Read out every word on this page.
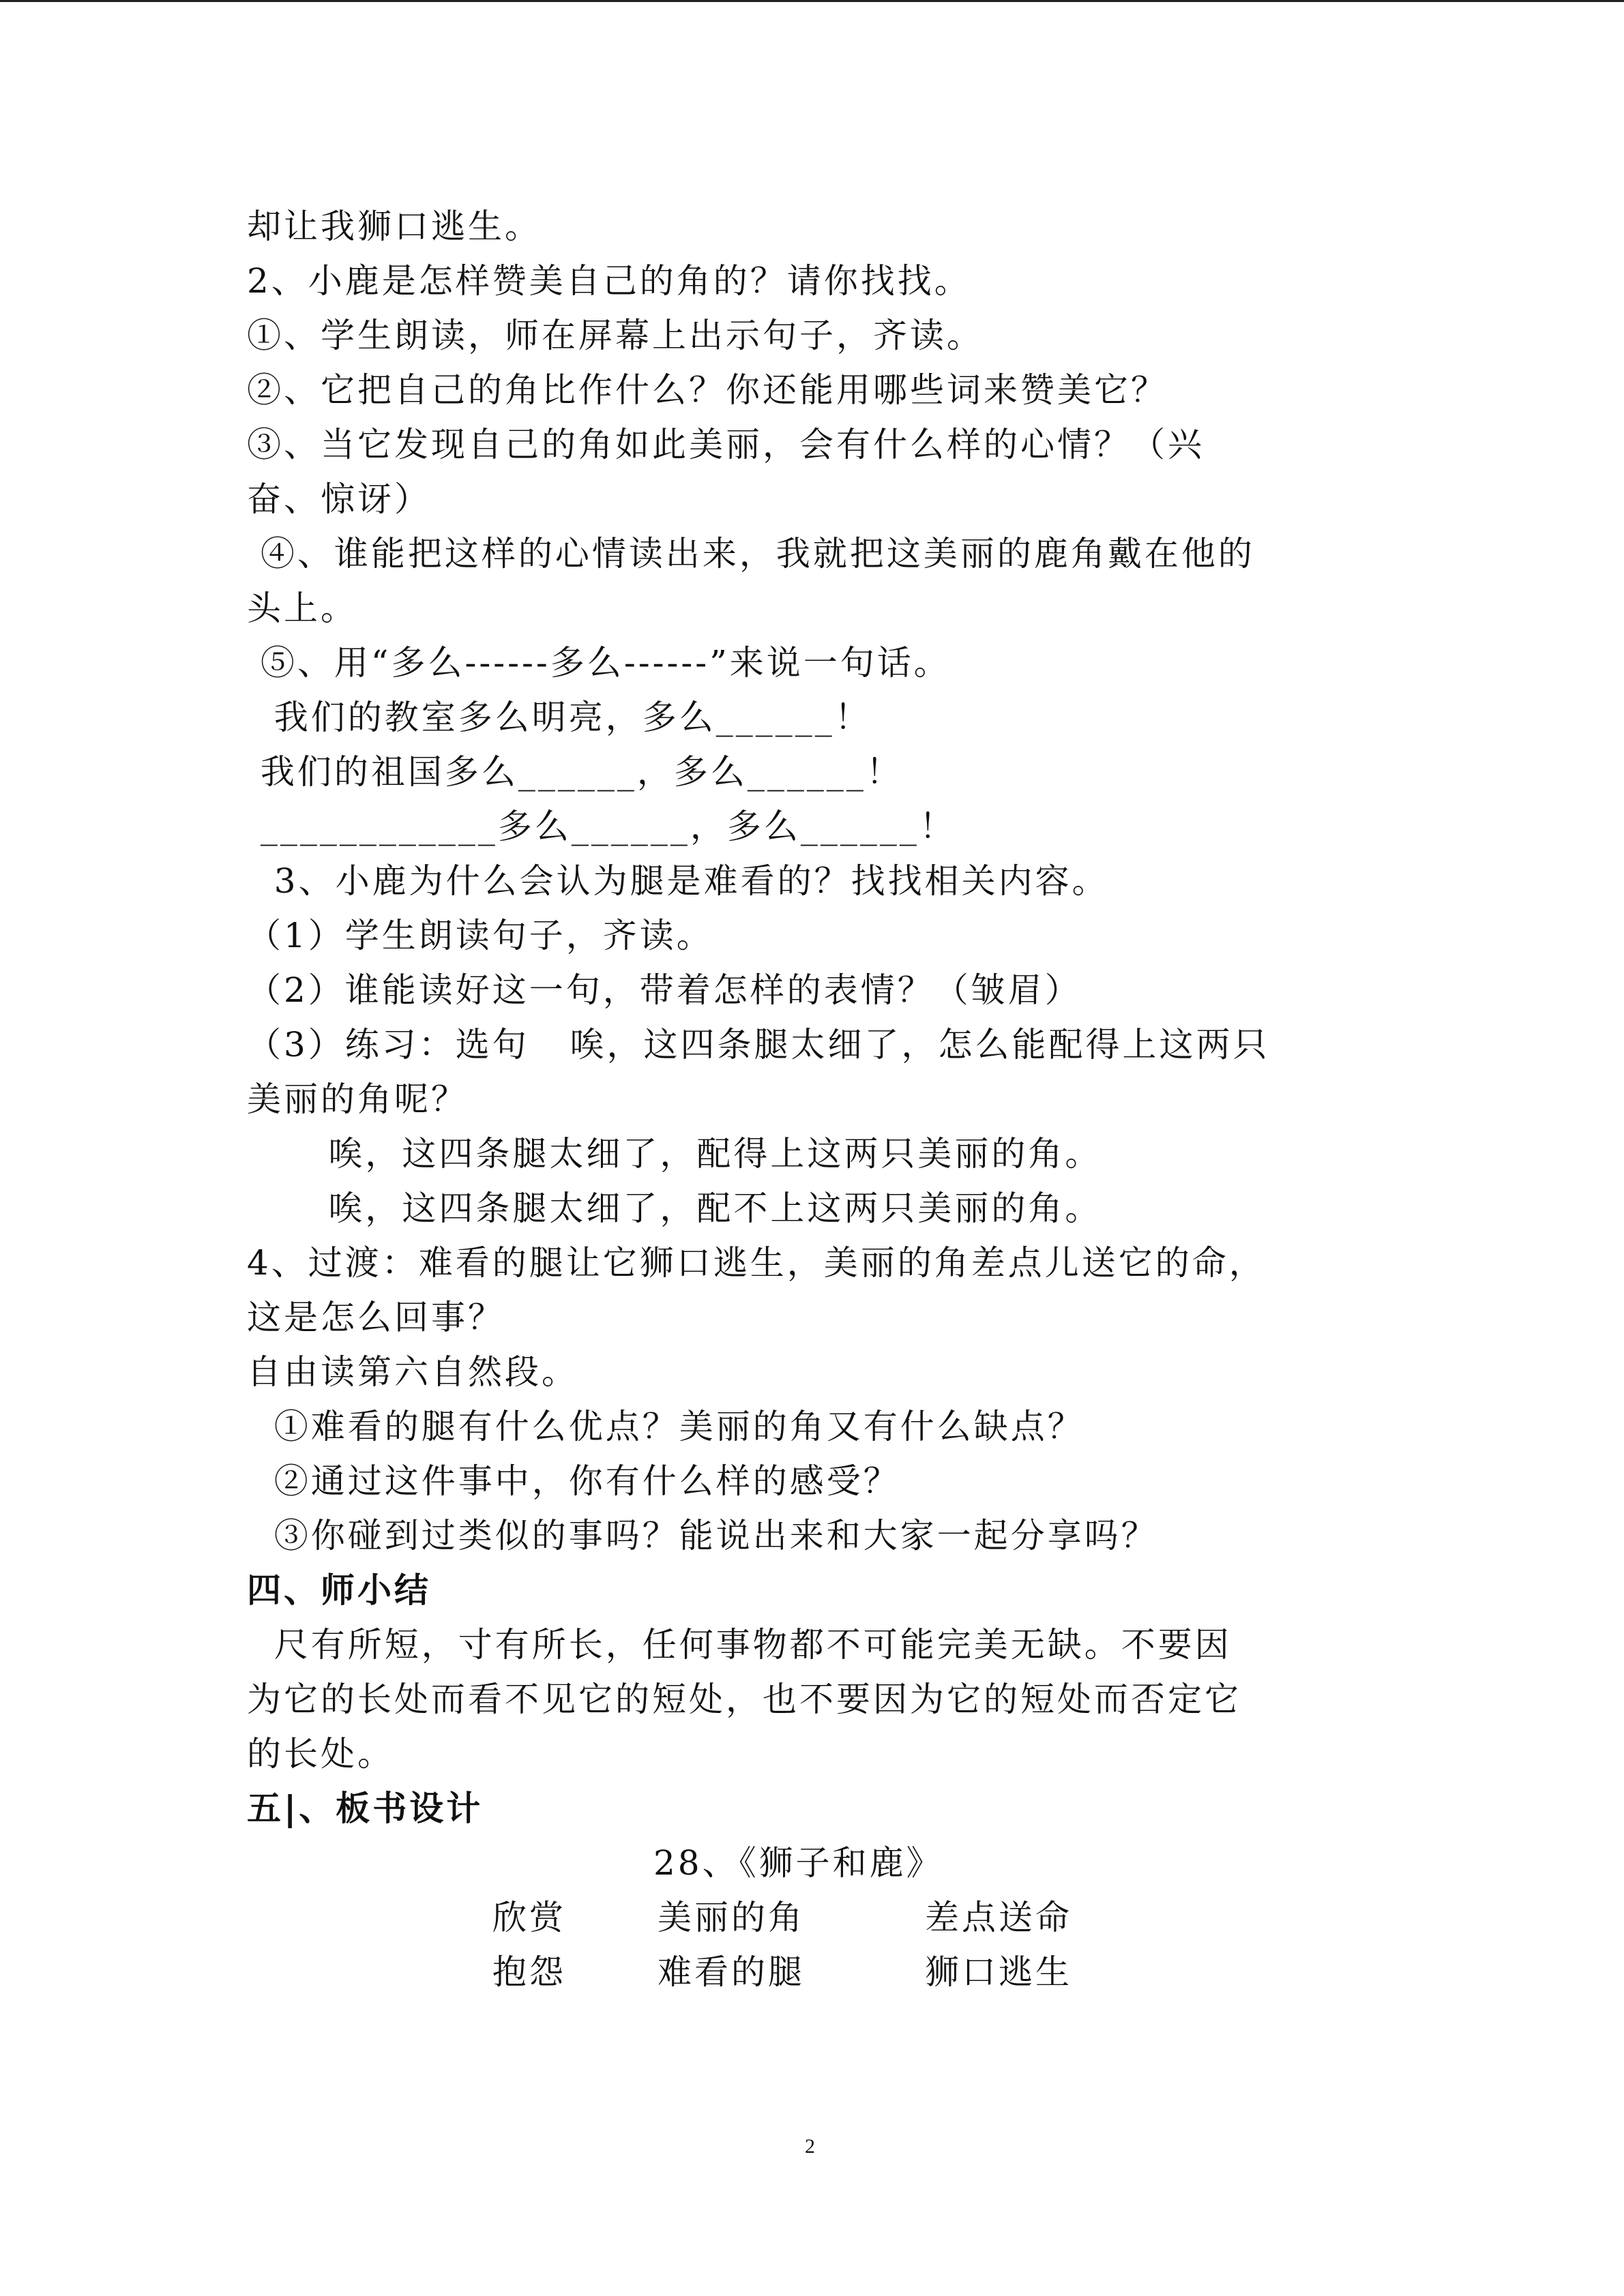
却让我狮口逃生。
2、小鹿是怎样赞美自己的角的？请你找找。
①、学生朗读，师在屏幕上出示句子，齐读。
②、它把自己的角比作什么？你还能用哪些词来赞美它？
③、当它发现自己的角如此美丽，会有什么样的心情？（兴
奋、惊讶）
④、谁能把这样的心情读出来，我就把这美丽的鹿角戴在他的
头上。
⑤、用“多么------多么------”来说一句话。
我们的教室多么明亮，多么______！
我们的祖国多么______，多么______！
____________多么______，多么______！
3、小鹿为什么会认为腿是难看的？找找相关内容。
（1）学生朗读句子，齐读。
（2）谁能读好这一句，带着怎样的表情？（皱眉）
（3）练习：选句   唉，这四条腿太细了，怎么能配得上这两只
美丽的角呢？
唉，这四条腿太细了，配得上这两只美丽的角。
唉，这四条腿太细了，配不上这两只美丽的角。
4、过渡：难看的腿让它狮口逃生，美丽的角差点儿送它的命，
这是怎么回事？
自由读第六自然段。
①难看的腿有什么优点？美丽的角又有什么缺点？
②通过这件事中，你有什么样的感受？
③你碰到过类似的事吗？能说出来和大家一起分享吗？
四、师小结
尺有所短，寸有所长，任何事物都不可能完美无缺。不要因
为它的长处而看不见它的短处，也不要因为它的短处而否定它
的长处。
五|、板书设计
28、《狮子和鹿》
欣赏	美丽的角	差点送命
抱怨	难看的腿	狮口逃生
2
